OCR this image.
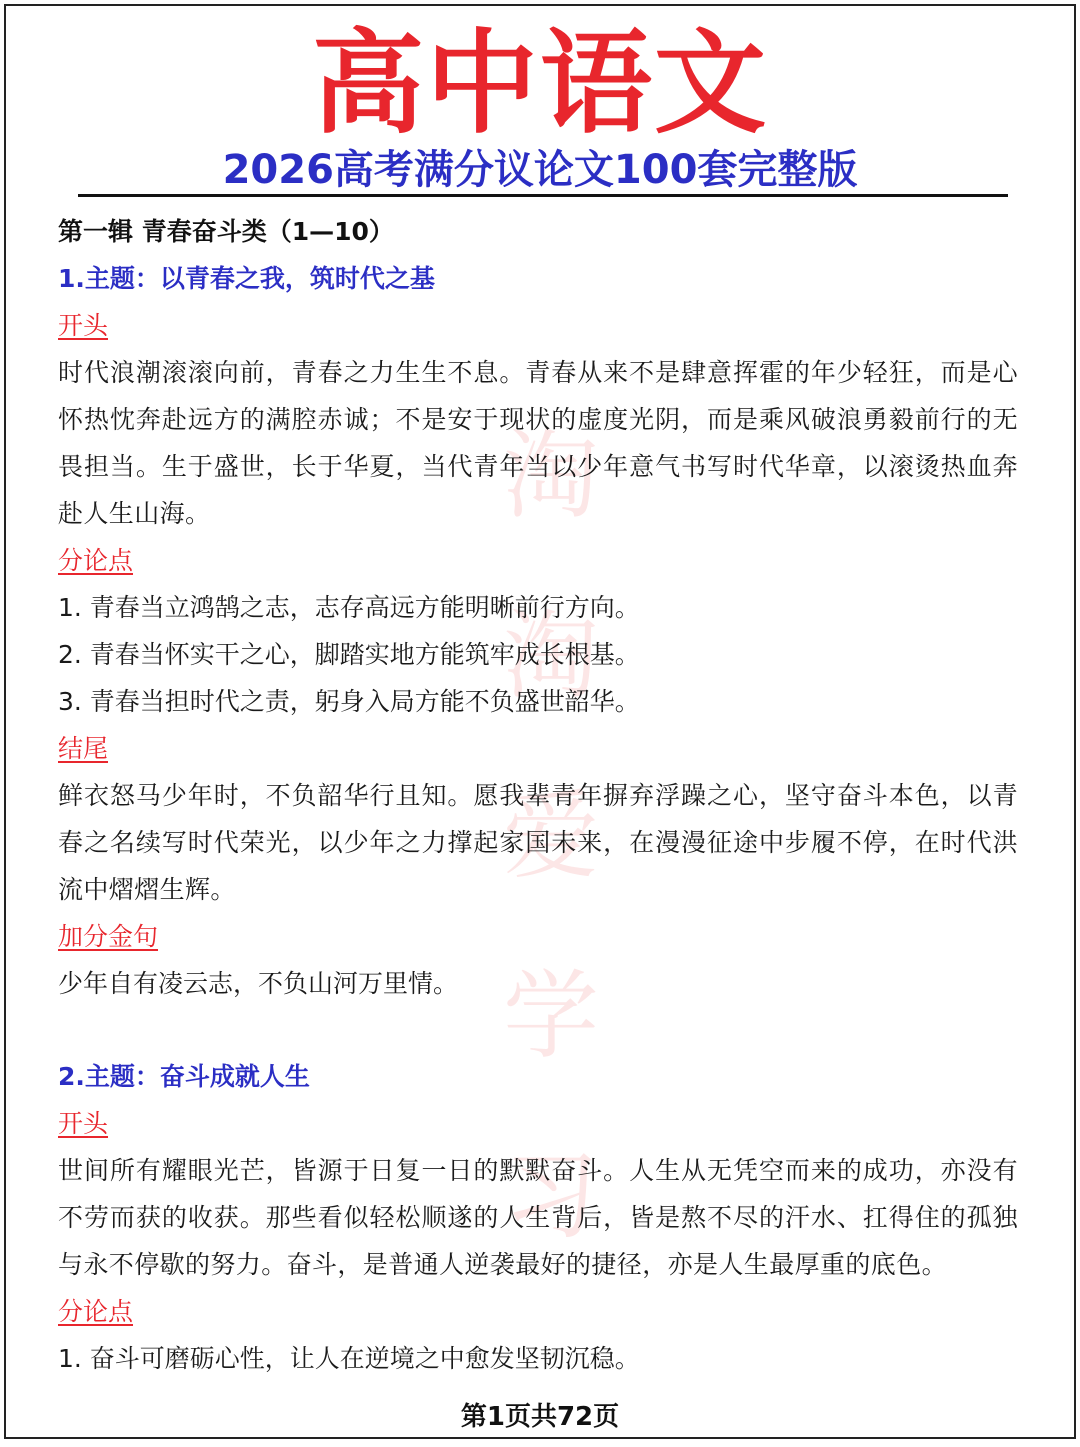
高中语文
2026高考满分议论文100套完整版
淘
淘
爱
学
习
第一辑 青春奋斗类（1—10）
1.主题：以青春之我，筑时代之基
开头
时代浪潮滚滚向前，青春之力生生不息。青春从来不是肆意挥霍的年少轻狂，而是心怀热忱奔赴远方的满腔赤诚；不是安于现状的虚度光阴，而是乘风破浪勇毅前行的无畏担当。生于盛世，长于华夏，当代青年当以少年意气书写时代华章，以滚烫热血奔赴人生山海。
分论点
1. 青春当立鸿鹄之志，志存高远方能明晰前行方向。
2. 青春当怀实干之心，脚踏实地方能筑牢成长根基。
3. 青春当担时代之责，躬身入局方能不负盛世韶华。
结尾
鲜衣怒马少年时，不负韶华行且知。愿我辈青年摒弃浮躁之心，坚守奋斗本色，以青春之名续写时代荣光，以少年之力撑起家国未来，在漫漫征途中步履不停，在时代洪流中熠熠生辉。
加分金句
少年自有凌云志，不负山河万里情。
2.主题：奋斗成就人生
开头
世间所有耀眼光芒，皆源于日复一日的默默奋斗。人生从无凭空而来的成功，亦没有不劳而获的收获。那些看似轻松顺遂的人生背后，皆是熬不尽的汗水、扛得住的孤独与永不停歇的努力。奋斗，是普通人逆袭最好的捷径，亦是人生最厚重的底色。
分论点
1. 奋斗可磨砺心性，让人在逆境之中愈发坚韧沉稳。
第1页共72页
